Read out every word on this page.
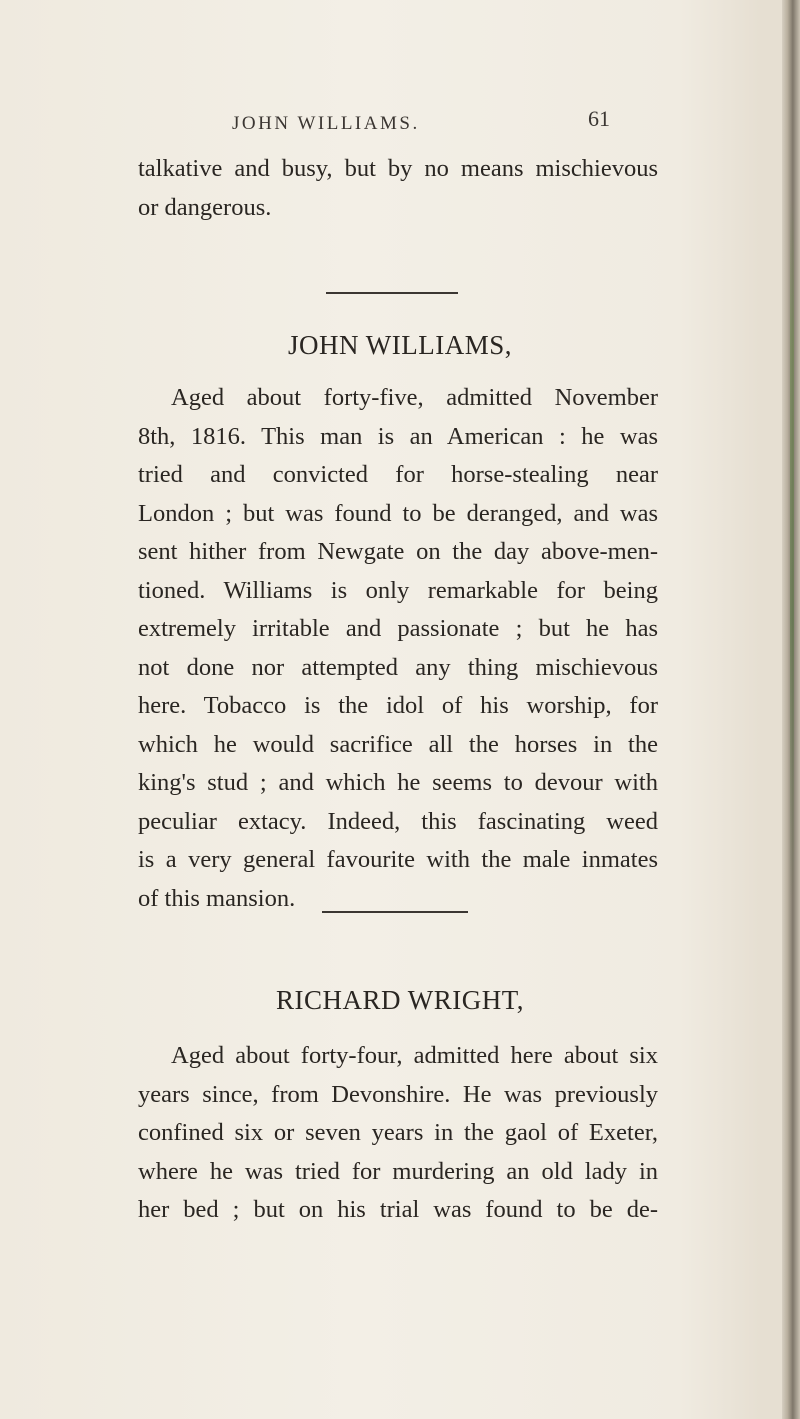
JOHN WILLIAMS.	61

talkative and busy, but by no means mischievous
or dangerous.

JOHN WILLIAMS,

Aged about forty-five, admitted November
8th, 1816. This man is an American : he was
tried and convicted for horse-stealing near
London ; but was found to be deranged, and was
sent hither from Newgate on the day above-men-
tioned. Williams is only remarkable for being
extremely irritable and passionate ; but he has
not done nor attempted any thing mischievous
here. Tobacco is the idol of his worship, for
which he would sacrifice all the horses in the
king's stud ; and which he seems to devour with
peculiar extacy. Indeed, this fascinating weed
is a very general favourite with the male inmates
of this mansion.

RICHARD WRIGHT,

Aged about forty-four, admitted here about six
years since, from Devonshire. He was previously
confined six or seven years in the gaol of Exeter,
where he was tried for murdering an old lady in
her bed ; but on his trial was found to be de-
